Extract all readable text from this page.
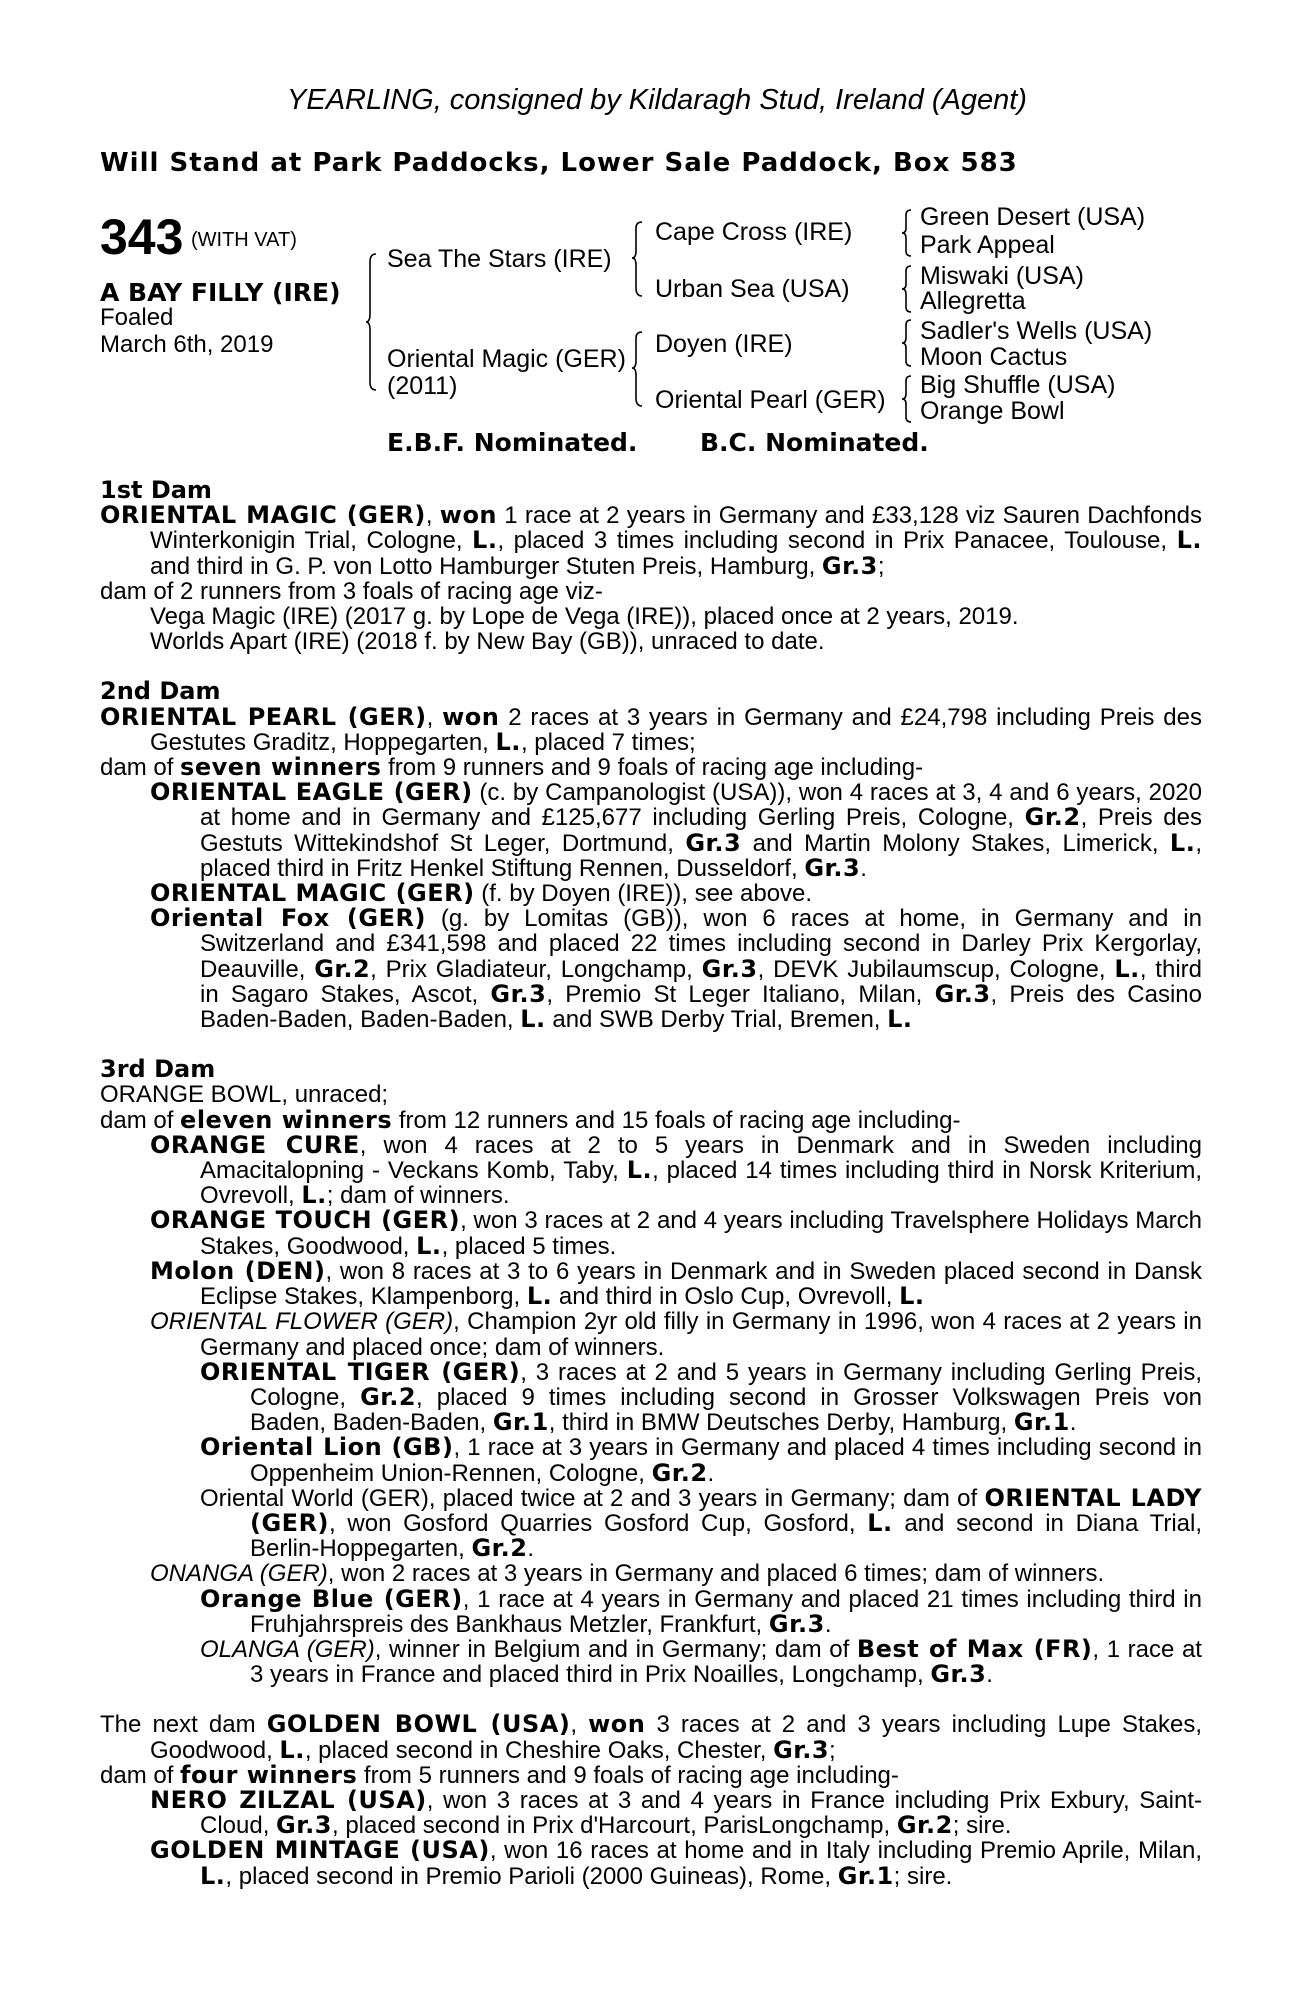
YEARLING, consigned by Kildaragh Stud, Ireland (Agent)
Will Stand at Park Paddocks, Lower Sale Paddock, Box 583
343 (WITH VAT)
A BAY FILLY (IRE)
Foaled
March 6th, 2019
Sea The Stars (IRE)
Oriental Magic (GER)
(2011)
Cape Cross (IRE)
Urban Sea (USA)
Doyen (IRE)
Oriental Pearl (GER)
Green Desert (USA)
Park Appeal
Miswaki (USA)
Allegretta
Sadler's Wells (USA)
Moon Cactus
Big Shuffle (USA)
Orange Bowl
E.B.F. Nominated.	B.C. Nominated.
1st Dam
ORIENTAL MAGIC (GER), won 1 race at 2 years in Germany and £33,128 viz Sauren Dachfonds Winterkonigin Trial, Cologne, L., placed 3 times including second in Prix Panacee, Toulouse, L. and third in G. P. von Lotto Hamburger Stuten Preis, Hamburg, Gr.3;
dam of 2 runners from 3 foals of racing age viz-
Vega Magic (IRE) (2017 g. by Lope de Vega (IRE)), placed once at 2 years, 2019.
Worlds Apart (IRE) (2018 f. by New Bay (GB)), unraced to date.
2nd Dam
ORIENTAL PEARL (GER), won 2 races at 3 years in Germany and £24,798 including Preis des Gestutes Graditz, Hoppegarten, L., placed 7 times;
dam of seven winners from 9 runners and 9 foals of racing age including-
ORIENTAL EAGLE (GER) (c. by Campanologist (USA)), won 4 races at 3, 4 and 6 years, 2020 at home and in Germany and £125,677 including Gerling Preis, Cologne, Gr.2, Preis des Gestuts Wittekindshof St Leger, Dortmund, Gr.3 and Martin Molony Stakes, Limerick, L., placed third in Fritz Henkel Stiftung Rennen, Dusseldorf, Gr.3.
ORIENTAL MAGIC (GER) (f. by Doyen (IRE)), see above.
Oriental Fox (GER) (g. by Lomitas (GB)), won 6 races at home, in Germany and in Switzerland and £341,598 and placed 22 times including second in Darley Prix Kergorlay, Deauville, Gr.2, Prix Gladiateur, Longchamp, Gr.3, DEVK Jubilaumscup, Cologne, L., third in Sagaro Stakes, Ascot, Gr.3, Premio St Leger Italiano, Milan, Gr.3, Preis des Casino Baden-Baden, Baden-Baden, L. and SWB Derby Trial, Bremen, L.
3rd Dam
ORANGE BOWL, unraced;
dam of eleven winners from 12 runners and 15 foals of racing age including-
ORANGE CURE, won 4 races at 2 to 5 years in Denmark and in Sweden including Amacitalopning - Veckans Komb, Taby, L., placed 14 times including third in Norsk Kriterium, Ovrevoll, L.; dam of winners.
ORANGE TOUCH (GER), won 3 races at 2 and 4 years including Travelsphere Holidays March Stakes, Goodwood, L., placed 5 times.
Molon (DEN), won 8 races at 3 to 6 years in Denmark and in Sweden placed second in Dansk Eclipse Stakes, Klampenborg, L. and third in Oslo Cup, Ovrevoll, L.
ORIENTAL FLOWER (GER), Champion 2yr old filly in Germany in 1996, won 4 races at 2 years in Germany and placed once; dam of winners.
ORIENTAL TIGER (GER), 3 races at 2 and 5 years in Germany including Gerling Preis, Cologne, Gr.2, placed 9 times including second in Grosser Volkswagen Preis von Baden, Baden-Baden, Gr.1, third in BMW Deutsches Derby, Hamburg, Gr.1.
Oriental Lion (GB), 1 race at 3 years in Germany and placed 4 times including second in Oppenheim Union-Rennen, Cologne, Gr.2.
Oriental World (GER), placed twice at 2 and 3 years in Germany; dam of ORIENTAL LADY (GER), won Gosford Quarries Gosford Cup, Gosford, L. and second in Diana Trial, Berlin-Hoppegarten, Gr.2.
ONANGA (GER), won 2 races at 3 years in Germany and placed 6 times; dam of winners.
Orange Blue (GER), 1 race at 4 years in Germany and placed 21 times including third in Fruhjahrspreis des Bankhaus Metzler, Frankfurt, Gr.3.
OLANGA (GER), winner in Belgium and in Germany; dam of Best of Max (FR), 1 race at 3 years in France and placed third in Prix Noailles, Longchamp, Gr.3.
The next dam GOLDEN BOWL (USA), won 3 races at 2 and 3 years including Lupe Stakes, Goodwood, L., placed second in Cheshire Oaks, Chester, Gr.3;
dam of four winners from 5 runners and 9 foals of racing age including-
NERO ZILZAL (USA), won 3 races at 3 and 4 years in France including Prix Exbury, Saint-Cloud, Gr.3, placed second in Prix d'Harcourt, ParisLongchamp, Gr.2; sire.
GOLDEN MINTAGE (USA), won 16 races at home and in Italy including Premio Aprile, Milan, L., placed second in Premio Parioli (2000 Guineas), Rome, Gr.1; sire.
